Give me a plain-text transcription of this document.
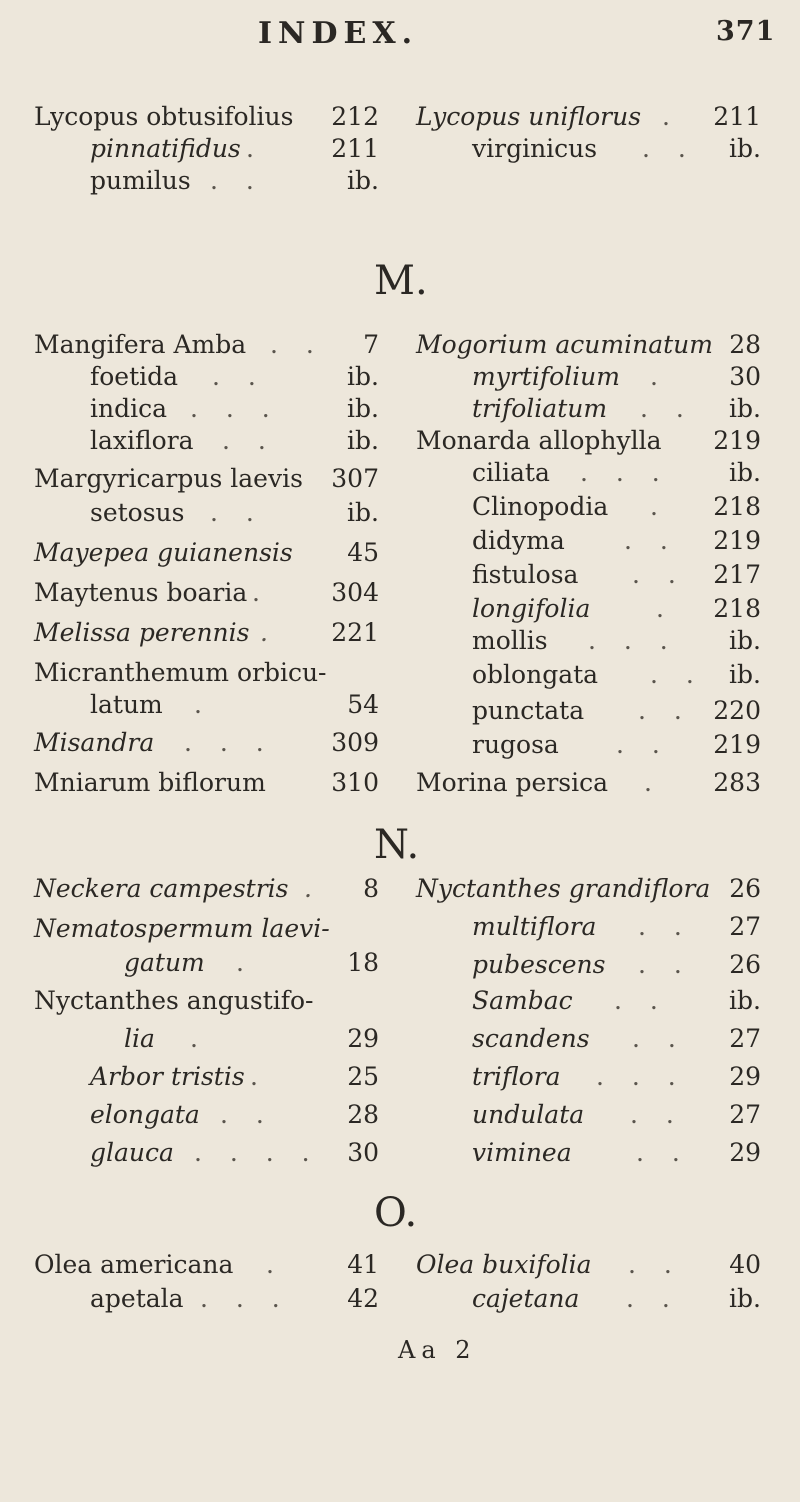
INDEX.	371
Lycopus obtusifolius 212
pinnatifidus .	211
pumilus . .	ib.
Lycopus uniflorus . 211
virginicus . . ib.
M.
Mangifera Amba . . 7
foetida . .	ib.
indica . . .	ib.
laxiflora . .	ib.
Margyricarpus laevis 307
setosus . .	ib.
Mayepea guianensis 45
Maytenus boaria . 304
Melissa perennis . 221
Micranthemum orbicu-
latum .	54
Misandra . . . 309
Mniarum biflorum	310
Mogorium acuminatum 28
myrtifolium . 30
trifoliatum . . ib.
Monarda allophylla 219
ciliata . . . ib.
Clinopodia . 218
didyma . . 219
fistulosa . . 217
longifolia	. 218
mollis . . . ib.
oblongata . . ib.
punctata . . 220
rugosa . . 219
Morina persica . 283
N.
Neckera campestris . 8
Nematospermum laevi-
gatum .	18
Nyctanthes angustifo-
lia .	29
Arbor tristis .	25
elongata . .	28
glauca . . . . 30
Nyctanthes grandiflora 26
multiflora . . 27
pubescens . . 26
Sambac . . ib.
scandens . . 27
triflora . . . 29
undulata . . 27
viminea	. . 29
O.
Olea americana .	41
apetala . . . 42
Olea buxifolia . . 40
cajetana . . ib.
Aa 2
